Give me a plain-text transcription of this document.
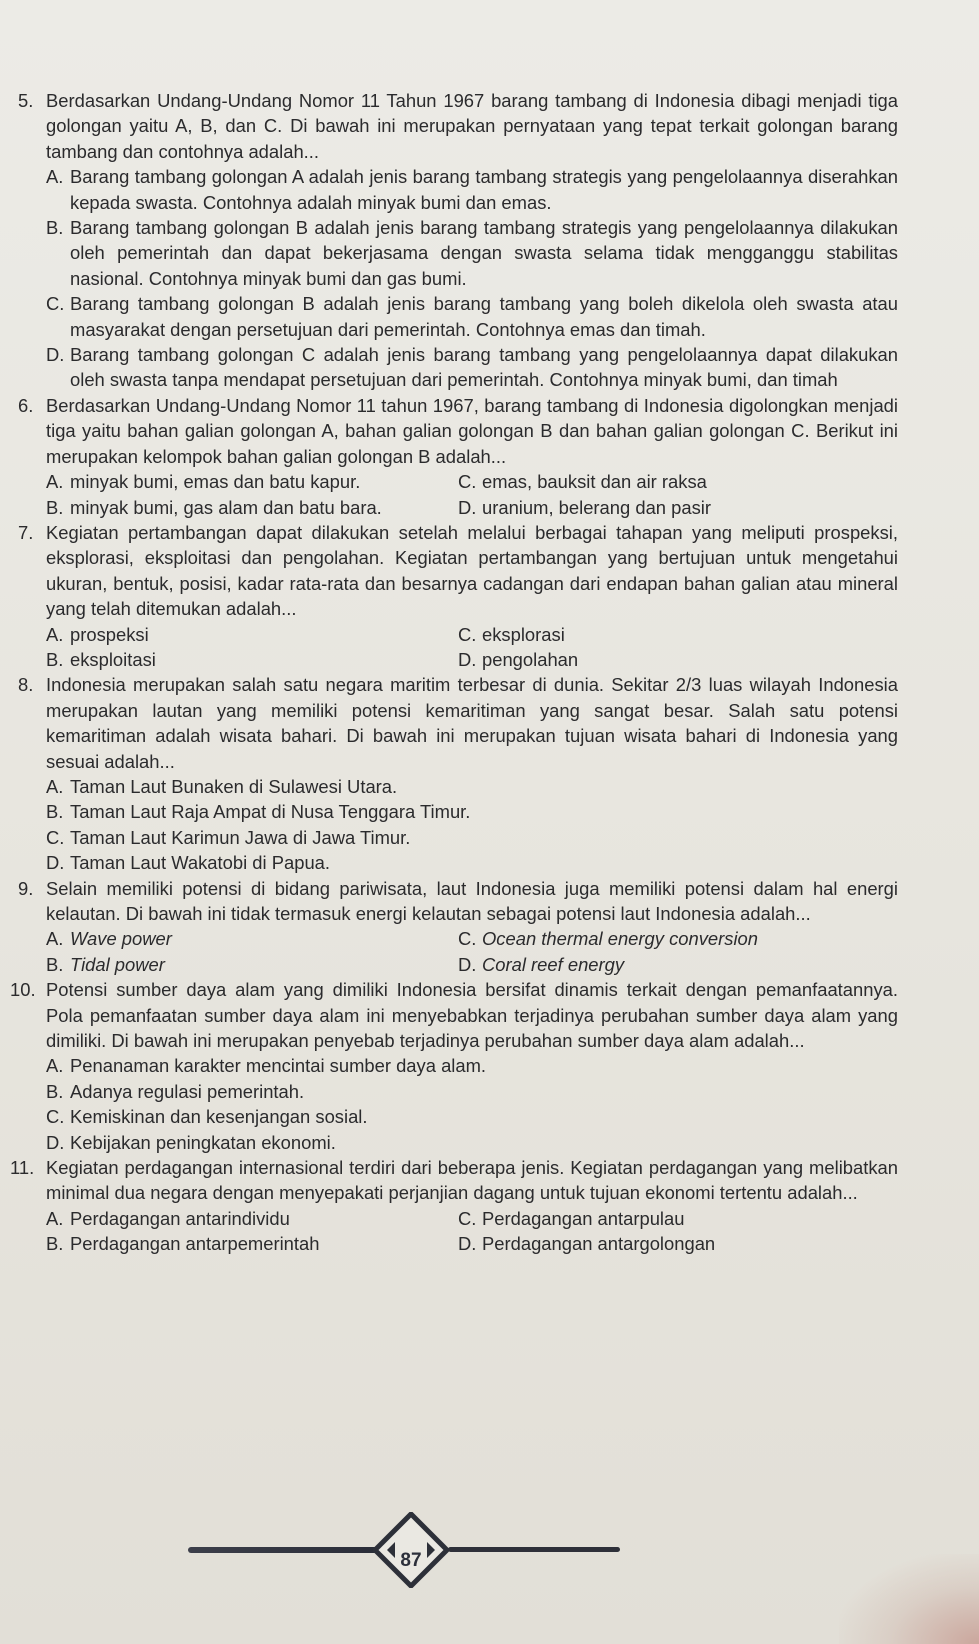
5. Berdasarkan Undang-Undang Nomor 11 Tahun 1967 barang tambang di Indonesia dibagi menjadi tiga golongan yaitu A, B, dan C. Di bawah ini merupakan pernyataan yang tepat terkait golongan barang tambang dan contohnya adalah...
A. Barang tambang golongan A adalah jenis barang tambang strategis yang pengelolaannya diserahkan kepada swasta. Contohnya adalah minyak bumi dan emas.
B. Barang tambang golongan B adalah jenis barang tambang strategis yang pengelolaannya dilakukan oleh pemerintah dan dapat bekerjasama dengan swasta selama tidak mengganggu stabilitas nasional. Contohnya minyak bumi dan gas bumi.
C. Barang tambang golongan B adalah jenis barang tambang yang boleh dikelola oleh swasta atau masyarakat dengan persetujuan dari pemerintah. Contohnya emas dan timah.
D. Barang tambang golongan C adalah jenis barang tambang yang pengelolaannya dapat dilakukan oleh swasta tanpa mendapat persetujuan dari pemerintah. Contohnya minyak bumi, dan timah
6. Berdasarkan Undang-Undang Nomor 11 tahun 1967, barang tambang di Indonesia digolongkan menjadi tiga yaitu bahan galian golongan A, bahan galian golongan B dan bahan galian golongan C. Berikut ini merupakan kelompok bahan galian golongan B adalah...
A. minyak bumi, emas dan batu kapur.	C. emas, bauksit dan air raksa
B. minyak bumi, gas alam dan batu bara.	D. uranium, belerang dan pasir
7. Kegiatan pertambangan dapat dilakukan setelah melalui berbagai tahapan yang meliputi prospeksi, eksplorasi, eksploitasi dan pengolahan. Kegiatan pertambangan yang bertujuan untuk mengetahui ukuran, bentuk, posisi, kadar rata-rata dan besarnya cadangan dari endapan bahan galian atau mineral yang telah ditemukan adalah...
A. prospeksi	C. eksplorasi
B. eksploitasi	D. pengolahan
8. Indonesia merupakan salah satu negara maritim terbesar di dunia. Sekitar 2/3 luas wilayah Indonesia merupakan lautan yang memiliki potensi kemaritiman yang sangat besar. Salah satu potensi kemaritiman adalah wisata bahari. Di bawah ini merupakan tujuan wisata bahari di Indonesia yang sesuai adalah...
A. Taman Laut Bunaken di Sulawesi Utara.
B. Taman Laut Raja Ampat di Nusa Tenggara Timur.
C. Taman Laut Karimun Jawa di Jawa Timur.
D. Taman Laut Wakatobi di Papua.
9. Selain memiliki potensi di bidang pariwisata, laut Indonesia juga memiliki potensi dalam hal energi kelautan. Di bawah ini tidak termasuk energi kelautan sebagai potensi laut Indonesia adalah...
A. Wave power	C. Ocean thermal energy conversion
B. Tidal power	D. Coral reef energy
10. Potensi sumber daya alam yang dimiliki Indonesia bersifat dinamis terkait dengan pemanfaatannya. Pola pemanfaatan sumber daya alam ini menyebabkan terjadinya perubahan sumber daya alam yang dimiliki. Di bawah ini merupakan penyebab terjadinya perubahan sumber daya alam adalah...
A. Penanaman karakter mencintai sumber daya alam.
B. Adanya regulasi pemerintah.
C. Kemiskinan dan kesenjangan sosial.
D. Kebijakan peningkatan ekonomi.
11. Kegiatan perdagangan internasional terdiri dari beberapa jenis. Kegiatan perdagangan yang melibatkan minimal dua negara dengan menyepakati perjanjian dagang untuk tujuan ekonomi tertentu adalah...
A. Perdagangan antarindividu	C. Perdagangan antarpulau
B. Perdagangan antarpemerintah	D. Perdagangan antargolongan
87
